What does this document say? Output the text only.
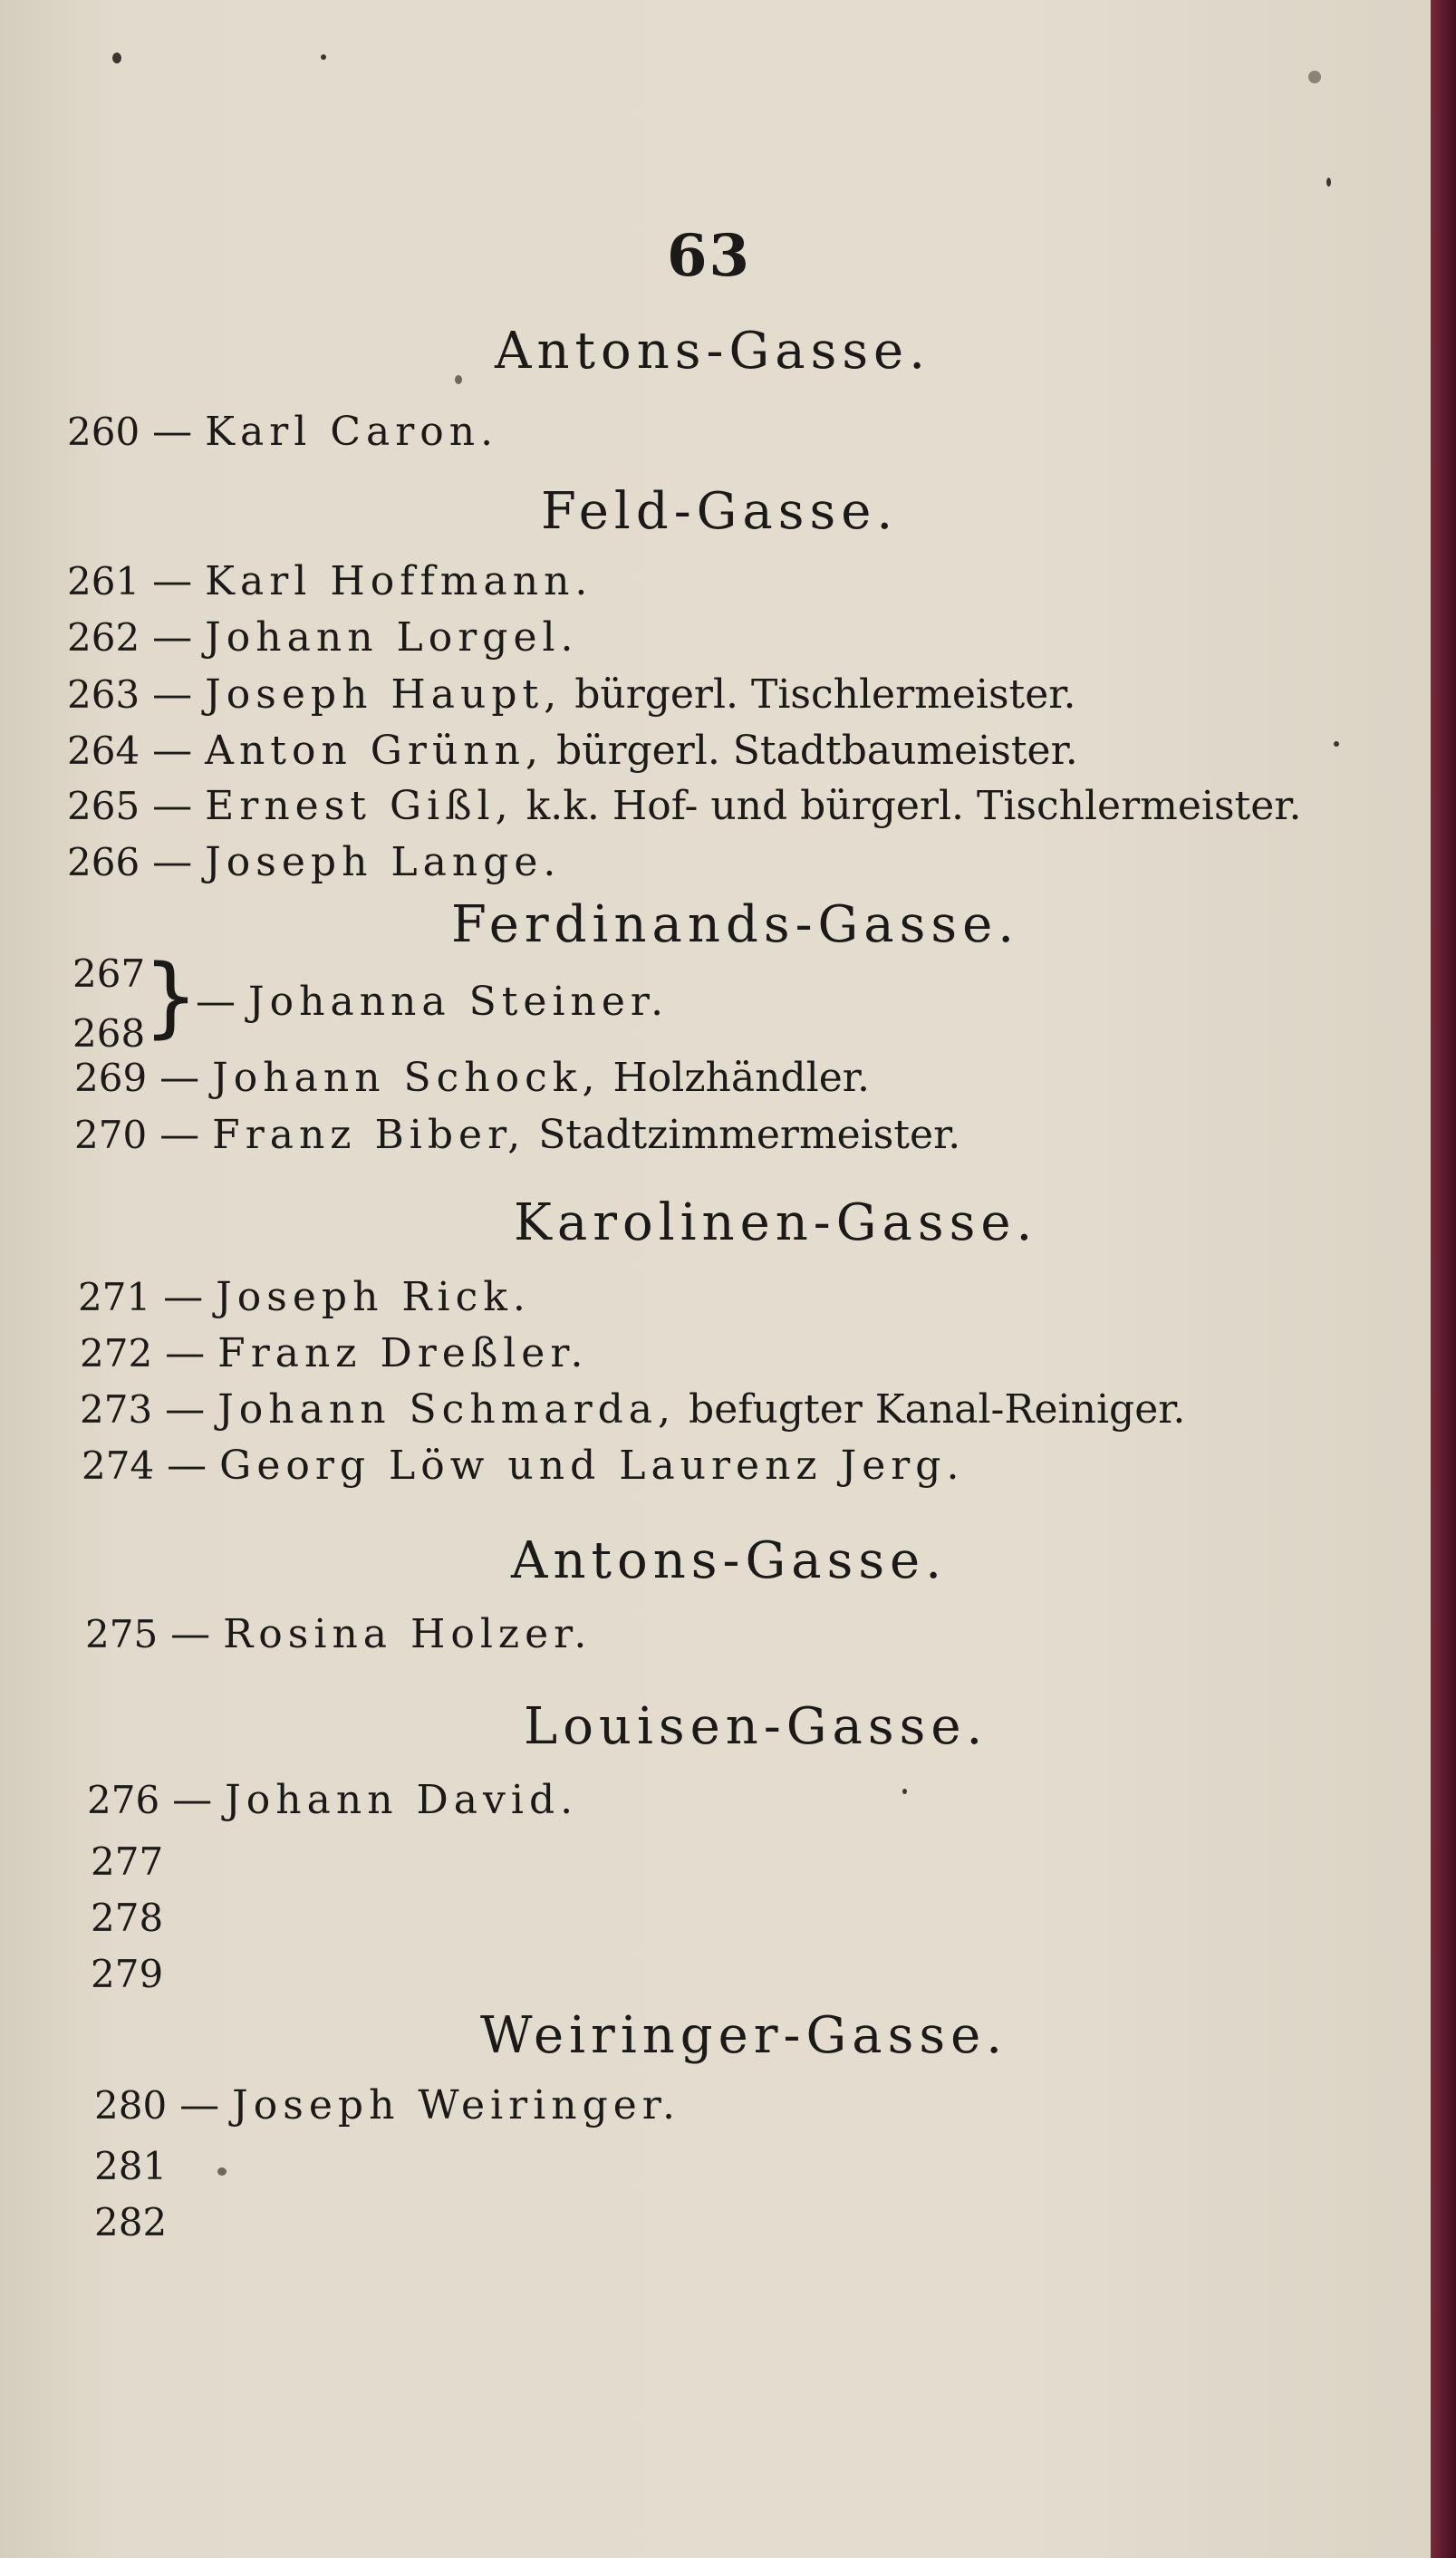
63
Antons-Gasse.
260 — Karl Caron.
Feld-Gasse.
261 — Karl Hoffmann.
262 — Johann Lorgel.
263 — Joseph Haupt, bürgerl. Tischlermeister.
264 — Anton Grünn, bürgerl. Stadtbaumeister.
265 — Ernest Gißl, k.k. Hof- und bürgerl. Tischlermeister.
266 — Joseph Lange.
Ferdinands-Gasse.
267
268
}
— Johanna Steiner.
269 — Johann Schock, Holzhändler.
270 — Franz Biber, Stadtzimmermeister.
Karolinen-Gasse.
271 — Joseph Rick.
272 — Franz Dreßler.
273 — Johann Schmarda, befugter Kanal-Reiniger.
274 — Georg Löw und Laurenz Jerg.
Antons-Gasse.
275 — Rosina Holzer.
Louisen-Gasse.
276 — Johann David.
277
278
279
Weiringer-Gasse.
280 — Joseph Weiringer.
281
282
